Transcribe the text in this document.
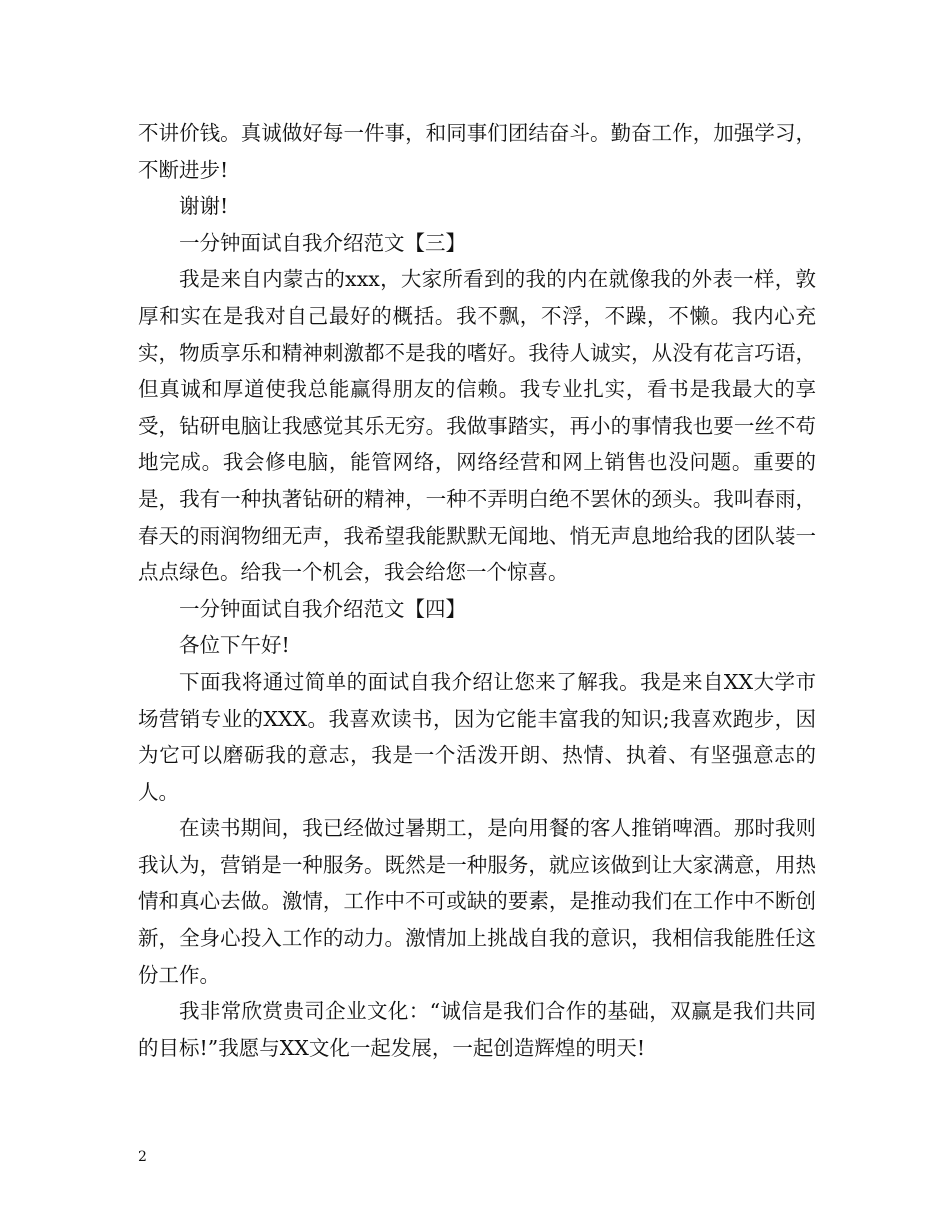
不讲价钱。真诚做好每一件事，和同事们团结奋斗。勤奋工作，加强学习，不断进步!

谢谢!

一分钟面试自我介绍范文【三】

我是来自内蒙古的xxx，大家所看到的我的内在就像我的外表一样，敦厚和实在是我对自己最好的概括。我不飘，不浮，不躁，不懒。我内心充实，物质享乐和精神刺激都不是我的嗜好。我待人诚实，从没有花言巧语，但真诚和厚道使我总能赢得朋友的信赖。我专业扎实，看书是我最大的享受，钻研电脑让我感觉其乐无穷。我做事踏实，再小的事情我也要一丝不苟地完成。我会修电脑，能管网络，网络经营和网上销售也没问题。重要的是，我有一种执著钻研的精神，一种不弄明白绝不罢休的颈头。我叫春雨，春天的雨润物细无声，我希望我能默默无闻地、悄无声息地给我的团队装一点点绿色。给我一个机会，我会给您一个惊喜。

一分钟面试自我介绍范文【四】

各位下午好!

下面我将通过简单的面试自我介绍让您来了解我。我是来自XX大学市场营销专业的XXX。我喜欢读书，因为它能丰富我的知识;我喜欢跑步，因为它可以磨砺我的意志，我是一个活泼开朗、热情、执着、有坚强意志的人。

在读书期间，我已经做过暑期工，是向用餐的客人推销啤酒。那时我则我认为，营销是一种服务。既然是一种服务，就应该做到让大家满意，用热情和真心去做。激情，工作中不可或缺的要素，是推动我们在工作中不断创新，全身心投入工作的动力。激情加上挑战自我的意识，我相信我能胜任这份工作。

我非常欣赏贵司企业文化：“诚信是我们合作的基础，双赢是我们共同的目标!”我愿与XX文化一起发展，一起创造辉煌的明天!

2
